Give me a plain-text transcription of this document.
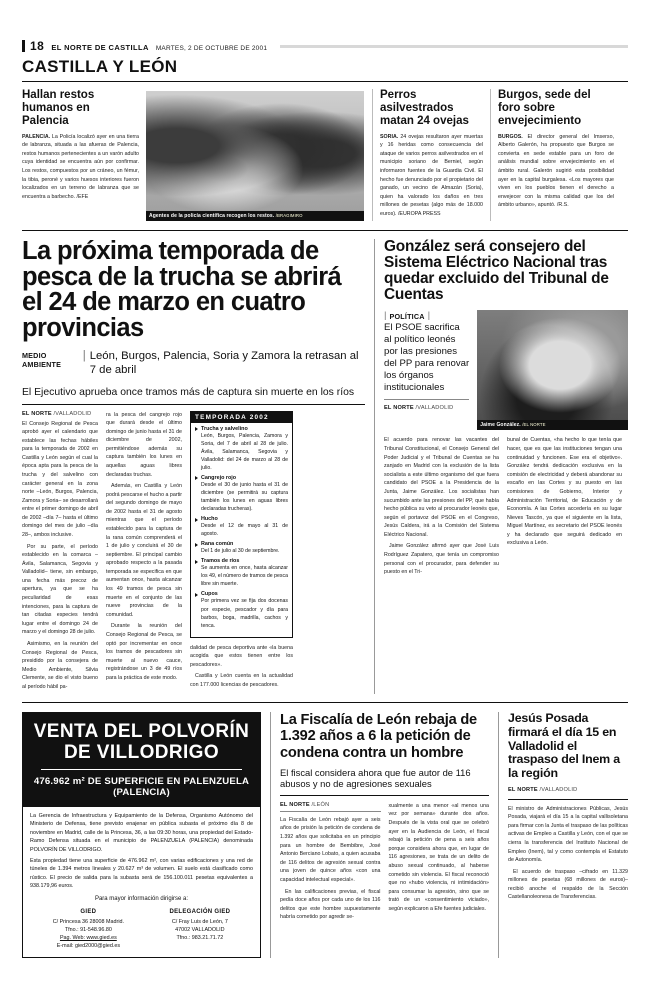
18 EL NORTE DE CASTILLA MARTES, 2 DE OCTUBRE DE 2001
CASTILLA Y LEÓN
Hallan restos humanos en Palencia

PALENCIA. La Policía localizó ayer en una tierra de labranza, situada a las afueras de Palencia, restos humanos pertenecientes a un varón adulto cuya identidad se encuentra aún por confirmar. Los restos, compuestos por un cráneo, un fémur, la tibia, peroné y varios huesos interiores fueron localizados en un terreno de labranza que se encuentra a barbecho. /EFE

Agentes de la policía científica recogen los restos. /BRAGIMIRO
Perros asilvestrados matan 24 ovejas

SORIA. 24 ovejas resultaron ayer muertas y 16 heridas como consecuencia del ataque de varios perros asilvestrados en el municipio soriano de Berniel, según informaron fuentes de la Guardia Civil. El hecho fue denunciado por el propietario del ganado, un vecino de Almazán (Soria), quien ha valorado los daños en tres millones de pesetas (algo más de 18.000 euros). /EUROPA PRESS

Burgos, sede del foro sobre envejecimiento

BURGOS. El director general del Imserso, Alberto Galerón, ha propuesto que Burgos se convierta en sede estable para un foro de análisis mundial sobre envejecimiento en el ámbito rural. Galerón sugirió esta posibilidad ayer en la capital burgalesa. «Los mayores que viven en los pueblos tienen el derecho a envejecer con la misma calidad que los del ámbito urbano», apuntó. /R.S.

La próxima temporada de pesca de la trucha se abrirá el 24 de marzo en cuatro provincias
MEDIO AMBIENTE
| León, Burgos, Palencia, Soria y Zamora la retrasan al 7 de abril
El Ejecutivo aprueba once tramos más de captura sin muerte en los ríos
EL NORTE /VALLADOLID

El Consejo Regional de Pesca aprobó ayer el calendario que establece las fechas hábiles para la temporada de 2002 en Castilla y León según el cual la época apta para la pesca de la trucha y del salvelino con carácter general en la zona norte –León, Burgos, Palencia, Zamora y Soria– se desarrollará entre el primer domingo de abril de 2002 –día 7– hasta el último domingo del mes de julio –día 28–, ambos inclusive.

Por su parte, el período establecido en la comarca –Ávila, Salamanca, Segovia y Valladolid– tiene, sin embargo, una fecha más precoz de apertura, ya que se ha peculiaridad de esas intenciones, para la captura de tan citadas especies tendrá lugar entre el domingo 24 de marzo y el domingo 28 de julio.

Asimismo, en la reunión del Consejo Regional de Pesca, presidido por la consejera de Medio Ambiente, Silvia Clemente, se dio el visto bueno al período hábil pa-

ra la pesca del cangrejo rojo que durará desde el último domingo de junio hasta el 31 de diciembre de 2002, permitiéndose además su captura también los lunes en aquellas aguas libres declaradas truchas.

Además, en Castilla y León podrá pescarse el hucho a partir del segundo domingo de mayo de 2002 hasta el 31 de agosto mientras que el período establecido para la captura de la rana común comprenderá el 1 de julio y concluirá el 30 de septiembre. El principal cambio aprobado respecto a la pasada temporada se especifica en que aumentan once, hasta alcanzar los 49 tramos de pesca sin muerte en el conjunto de las nueve provincias de la comunidad.

Durante la reunión del Consejo Regional de Pesca, se optó por incrementar en once los tramos de pescadores sin muerte al nuevo cauce, registrándose un 3 de 49 ríos para la práctica de este modo.

TEMPORADA 2002
Trucha y salvelino
León, Burgos, Palencia, Zamora y Soria, del 7 de abril al 28 de julio. Ávila, Salamanca, Segovia y Valladolid: del 24 de marzo al 28 de julio.
Cangrejo rojo
Desde el 30 de junio hasta el 31 de diciembre (se permitirá su captura también los lunes en aguas libres declaradas trucheras).
Hucho
Desde el 12 de mayo al 31 de agosto.
Rana común
Del 1 de julio al 30 de septiembre.
Tramos de ríos
Se aumenta en once, hasta alcanzar los 49, el número de tramos de pesca libre sin muerte.
Cupos
Por primera vez se fija dos docenas por especie, pescador y día para barbos, boga, madrilla, cachos y tenca.

dalidad de pesca deportiva ante «la buena acogida que estos tienen entre los pescadores».

Castilla y León cuenta en la actualidad con 177.000 licencias de pescadores.

González será consejero del Sistema Eléctrico Nacional tras quedar excluido del Tribunal de Cuentas
| POLÍTICA |
El PSOE sacrifica al político leonés por las presiones del PP para renovar los órganos institucionales
EL NORTE /VALLADOLID
Jaime González. /EL NORTE

El acuerdo para renovar las vacantes del Tribunal Constitucional, el Consejo General del Poder Judicial y el Tribunal de Cuentas se ha zanjado en Madrid con la exclusión de la lista socialista a este último organismo del que fuera candidato del PSOE a la Presidencia de la Junta, Jaime González. Los socialistas han sucumbido ante las presiones del PP, que había hecho pública su veto al procurador leonés que, según el portavoz del PSOE en el Congreso, Jesús Caldera, irá a la Comisión del Sistema Eléctrico Nacional.

Jaime González afirmó ayer que José Luis Rodríguez Zapatero, que tenía un compromiso personal con el procurador, para defender su puesto en el Tri-

bunal de Cuentas, «ha hecho lo que tenía que hacer, que es que las instituciones tengan una continuidad y funcionen. Ese era el objetivo». González tendrá dedicación exclusiva en la comisión de electricidad y deberá abandonar su escaño en las Cortes y su puesto en las comisiones de Gobierno, Interior y Administración Territorial, de Educación y de Economía. A las Cortes accedería en su lugar Nieves Tascón, ya que el siguiente en la lista, Miguel Martínez, es secretario del PSOE leonés y ha declarado que seguirá dedicado en exclusiva a León.

VENTA DEL POLVORÍN DE VILLODRIGO
476.962 m² DE SUPERFICIE EN PALENZUELA (PALENCIA)

La Gerencia de Infraestructura y Equipamiento de la Defensa, Organismo Autónomo del Ministerio de Defensa, tiene previsto enajenar en pública subasta el próximo día 8 de noviembre en Madrid, calle de la Princesa, 36, a las 09:30 horas, una propiedad del Estado-Ramo Defensa situada en el municipio de PALENZUELA (PALENCIA) denominada POLVORÍN DE VILLODRIGO.

Esta propiedad tiene una superficie de 476.962 m², con varias edificaciones y una red de túneles de 1.394 metros lineales y 20.627 m³ de volumen. El suelo está clasificado como rústico. El precio de salida para la subasta será de 156.100.011 pesetas equivalentes a 938.179,96 euros.

Para mayor información dirigirse a:
GIED
C/ Princesa 36 28008 Madrid.
Tfno.: 91-548.96.80
Pag. Web: www.gied.es
E-mail: gied2000@gied.es
DELEGACIÓN GIED
C/ Fray Luis de León, 7
47002 VALLADOLID
Tfno.: 983.21.71.72
La Fiscalía de León rebaja de 1.392 años a 6 la petición de condena contra un hombre
El fiscal considera ahora que fue autor de 116 abusos y no de agresiones sexuales
EL NORTE /LEÓN

La Fiscalía de León rebajó ayer a seis años de prisión la petición de condena de 1.392 años que solicitaba en un principio para un hombre de Bembibre, José Antonio Berciano Lobato, a quien acusaba de 116 delitos de agresión sexual contra una joven de quince años «con una capacidad intelectual especial».

En las calificaciones previas, el fiscal pedía doce años por cada uno de los 116 delitos que este hombre supuestamente habría cometido por agredir se-

xualmente a una menor «al menos una vez por semana» durante dos años. Después de la vista oral que se celebró ayer en la Audiencia de León, el fiscal rebajó la petición de pena a seis años porque considera ahora que, en lugar de 116 agresiones, se trata de un delito de abuso sexual continuado, al haberse cometido sin violencia. El fiscal reconoció que no «hubo violencia, ni intimidación» para consumar la agresión, sino que se trató de un «consentimiento viciado», según explicaron a Efe fuentes judiciales.

Jesús Posada firmará el día 15 en Valladolid el traspaso del Inem a la región
EL NORTE /VALLADOLID

El ministro de Administraciones Públicas, Jesús Posada, viajará el día 15 a la capital vallisoletana para firmar con la Junta el traspaso de las políticas activas de Empleo a Castilla y León, con el que se cierra la transferencia del Instituto Nacional de Empleo (Inem), tal y como contempla el Estatuto de Autonomía.

El acuerdo de traspaso –cifrado en 11.329 millones de pesetas (68 millones de euros)– recibió anoche el respaldo de la Sección Castellanoleonesa de Transferencias.
